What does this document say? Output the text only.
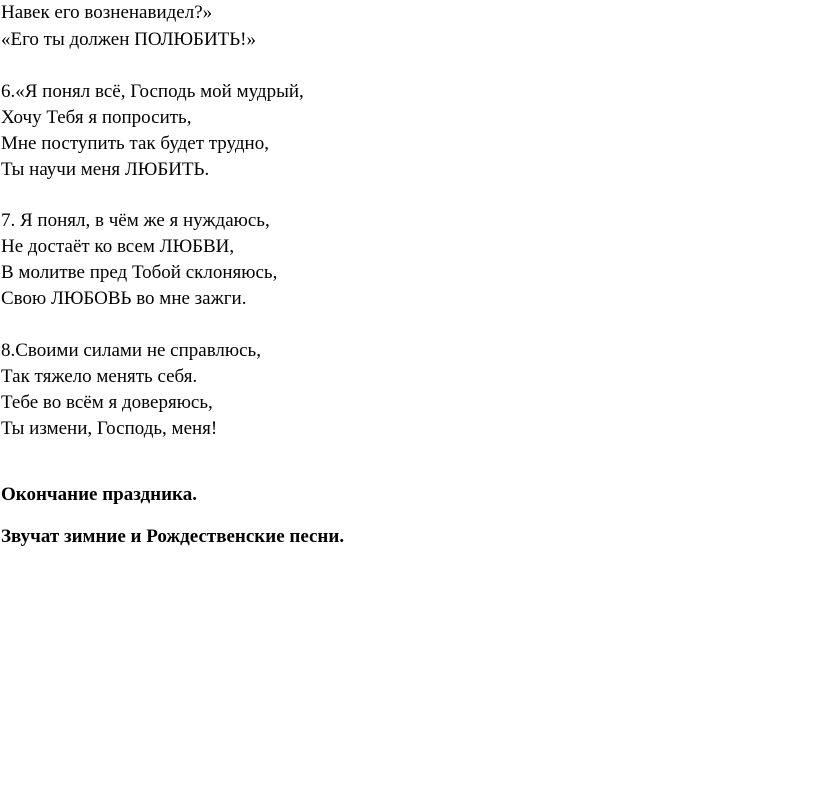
Навек его возненавидел?»
«Его ты должен ПОЛЮБИТЬ!»
6.«Я понял всё, Господь мой мудрый,
Хочу Тебя я попросить,
Мне поступить так будет трудно,
Ты научи меня ЛЮБИТЬ.
7. Я понял, в чём же я нуждаюсь,
Не достаёт ко всем ЛЮБВИ,
В молитве пред Тобой склоняюсь,
Свою ЛЮБОВЬ во мне зажги.
8.Своими силами не справлюсь,
Так тяжело менять себя.
Тебе во всём я доверяюсь,
Ты измени, Господь, меня!
Окончание праздника.
Звучат зимние и Рождественские песни.
